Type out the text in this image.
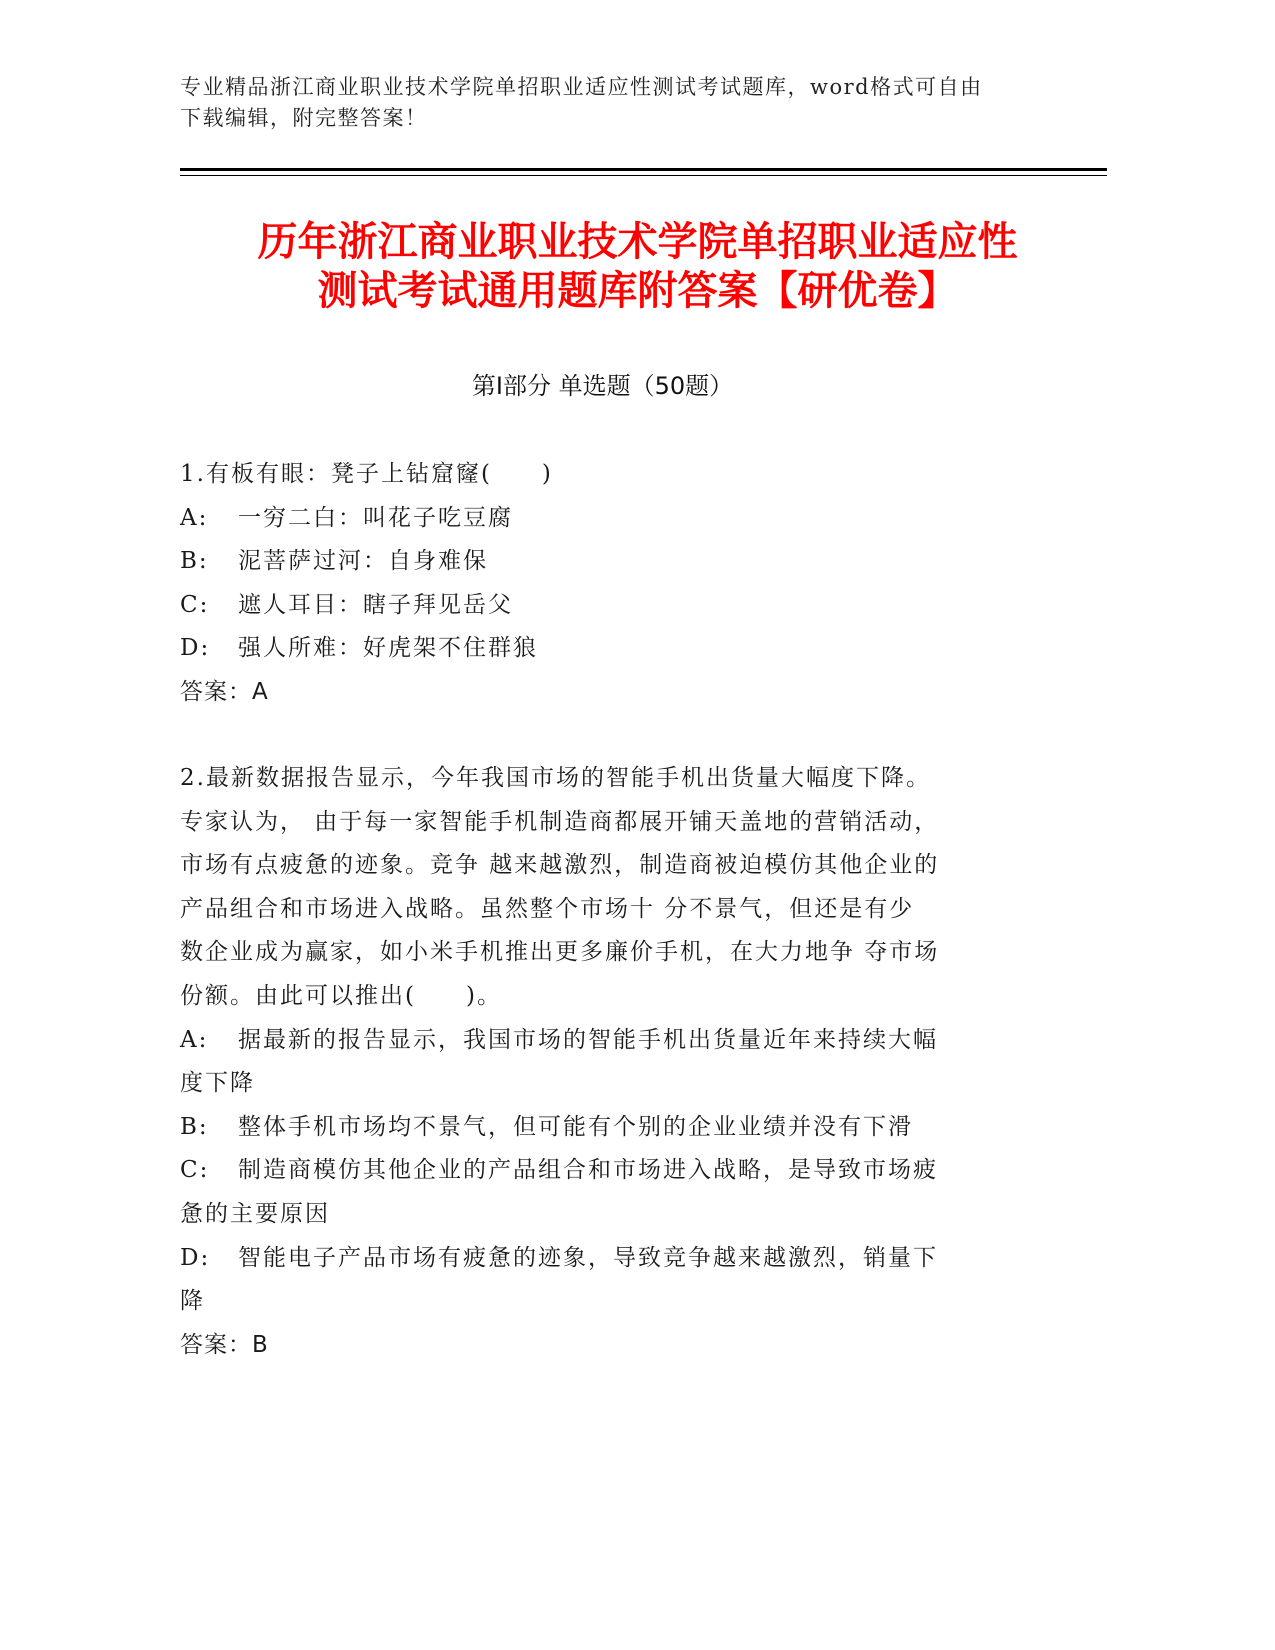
专业精品浙江商业职业技术学院单招职业适应性测试考试题库，word格式可自由
下载编辑，附完整答案！
历年浙江商业职业技术学院单招职业适应性
测试考试通用题库附答案【研优卷】
第Ⅰ部分 单选题（50题）
1.有板有眼：凳子上钻窟窿(　　)
A:	一穷二白：叫花子吃豆腐
B:	泥菩萨过河：自身难保
C:	遮人耳目：瞎子拜见岳父
D:	强人所难：好虎架不住群狼
答案：A
2.最新数据报告显示，今年我国市场的智能手机出货量大幅度下降。
专家认为， 由于每一家智能手机制造商都展开铺天盖地的营销活动，
市场有点疲惫的迹象。竞争 越来越激烈，制造商被迫模仿其他企业的
产品组合和市场进入战略。虽然整个市场十 分不景气，但还是有少
数企业成为赢家，如小米手机推出更多廉价手机，在大力地争 夺市场
份额。由此可以推出(　　)。
A:	据最新的报告显示，我国市场的智能手机出货量近年来持续大幅
度下降
B:	整体手机市场均不景气，但可能有个别的企业业绩并没有下滑
C:	制造商模仿其他企业的产品组合和市场进入战略，是导致市场疲
惫的主要原因
D:	智能电子产品市场有疲惫的迹象，导致竞争越来越激烈，销量下
降
答案：B
